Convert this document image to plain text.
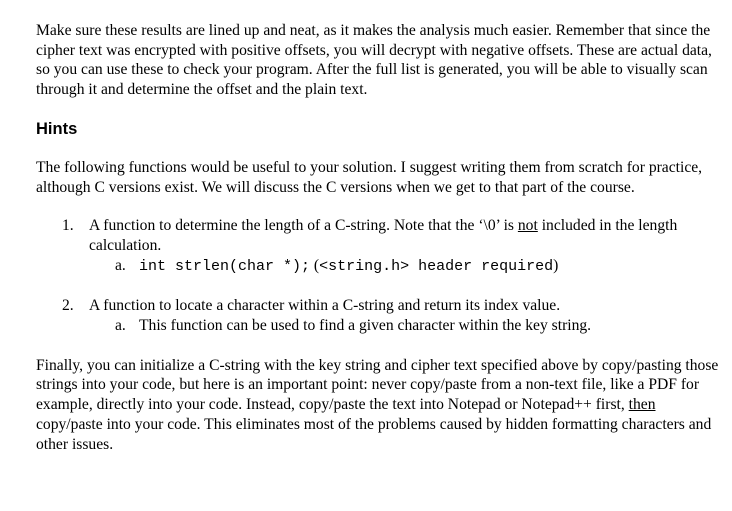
Make sure these results are lined up and neat, as it makes the analysis much easier. Remember that since the cipher text was encrypted with positive offsets, you will decrypt with negative offsets. These are actual data, so you can use these to check your program. After the full list is generated, you will be able to visually scan through it and determine the offset and the plain text.

Hints

The following functions would be useful to your solution. I suggest writing them from scratch for practice, although C versions exist. We will discuss the C versions when we get to that part of the course.

1. A function to determine the length of a C-string. Note that the ‘\0’ is not included in the length calculation.
a. int strlen(char *); (<string.h> header required)
2. A function to locate a character within a C-string and return its index value.
a. This function can be used to find a given character within the key string.

Finally, you can initialize a C-string with the key string and cipher text specified above by copy/pasting those strings into your code, but here is an important point: never copy/paste from a non-text file, like a PDF for example, directly into your code. Instead, copy/paste the text into Notepad or Notepad++ first, then copy/paste into your code. This eliminates most of the problems caused by hidden formatting characters and other issues.
